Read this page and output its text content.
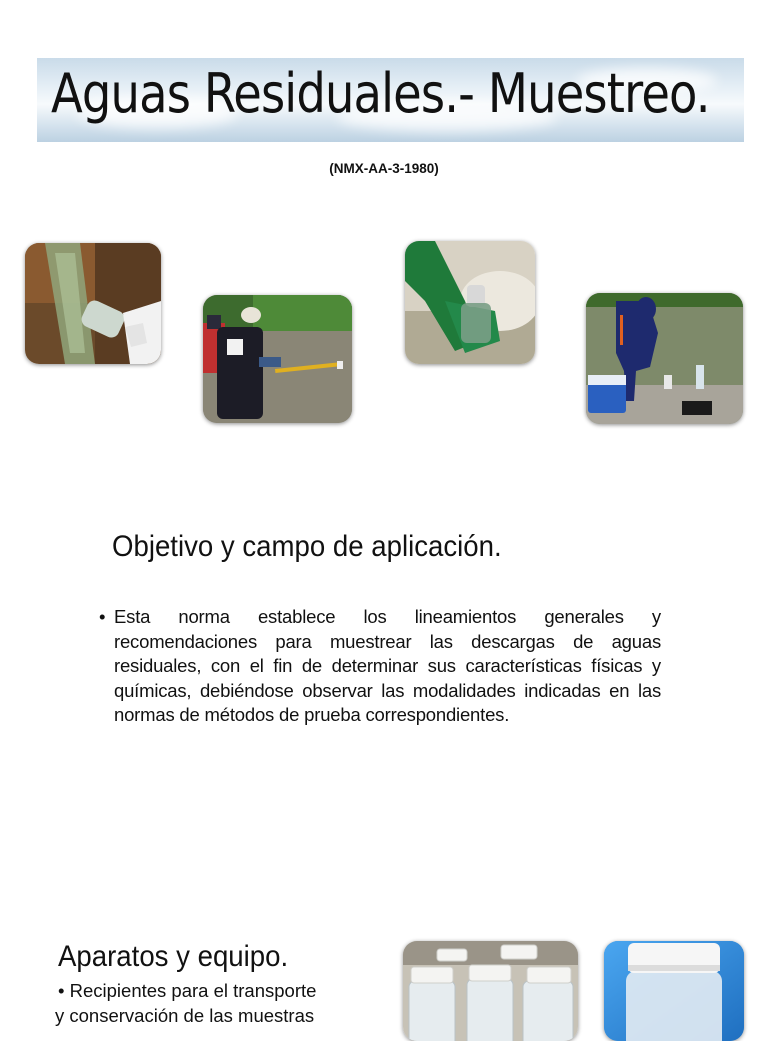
Aguas Residuales.- Muestreo.
(NMX-AA-3-1980)
Objetivo y campo de aplicación.
• Esta norma establece los lineamientos generales y recomendaciones para muestrear las descargas de aguas residuales, con el fin de determinar sus características físicas y químicas, debiéndose observar las modalidades indicadas en las normas de métodos de prueba correspondientes.
Aparatos y equipo.
• Recipientes para el transporte
y conservación de las muestras
